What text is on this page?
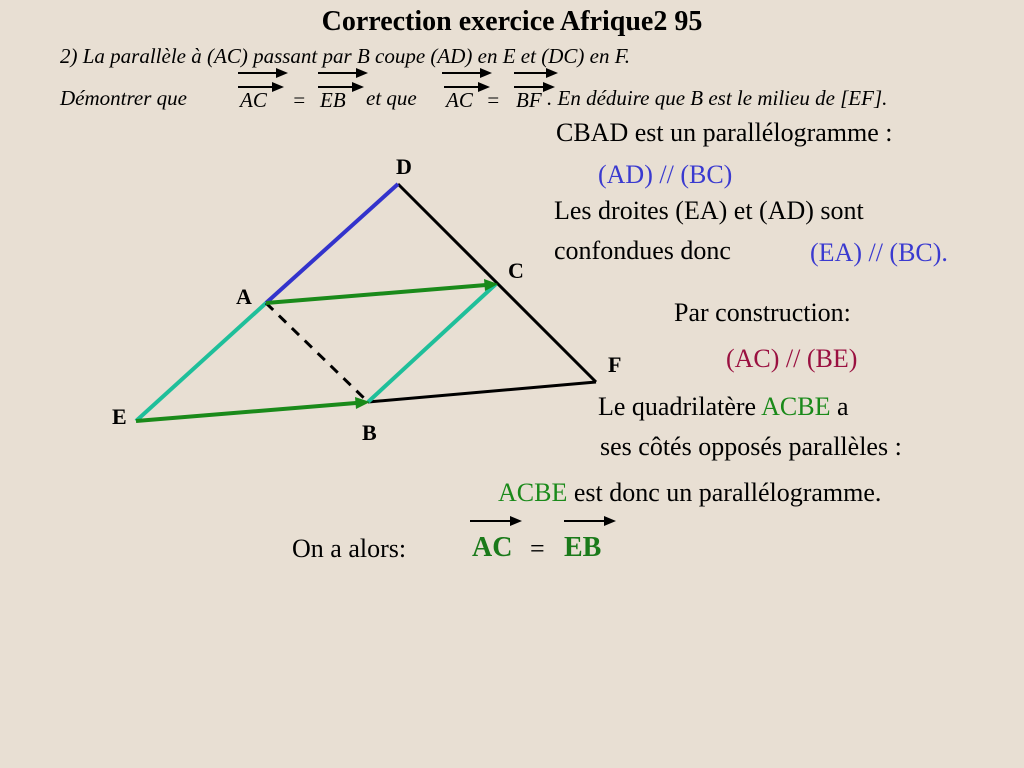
Correction exercice Afrique2 95
2) La parallèle à (AC) passant par B coupe (AD) en E et (DC) en F.
Démontrer que	AC = EB et que AC = BF . En déduire que B est le milieu de [EF].
D
C
A
F
E
B
CBAD est un parallélogramme :
(AD) // (BC)
Les droites (EA) et (AD) sont
confondues donc	(EA) // (BC).
Par construction:
(AC) // (BE)
Le quadrilatère ACBE a
ses côtés opposés parallèles :
ACBE est donc un parallélogramme.
On a alors: AC = EB
